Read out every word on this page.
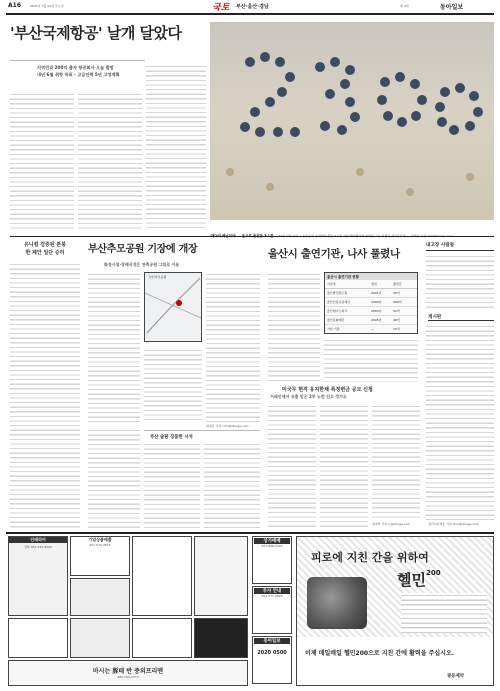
A16	2005년 7월 14일 목요일	국토 부산·울산·경남	제 2회	동아일보
'부산국제항공' 날개 달았다
지역민과 200억 출자 항공회사 오늘 출범
내년 6월 취항 목표 - 고급인력 5년 고정계획
유니컬 검증된 본봉
한 제안 일단 승리	부산추모공원 기장에 개장
화장시설·장례식장은 연축공원 그대로 이용
부산추모공원
최재호 기자 choi@donga.com
부산 술판 징품한 시석
울산시 출연기관, 나사 풀렸나
울산시 출연기관 현황
기관명	설립	출연금
울산발전연구원	2001년	30억
울산신용보증재단	1999년	200억
울산테크노파크	2003년	50억
울산문화재단	2005년	20억
기타 기관	—	10억
미국무 현직 유지한채 특정변금 공모 신청
거래인에서 유출 믿은 2부 노반 선고 정가도
정재락 기자 jr@donga.com
내고장 사람들
게시판
정리=최재호 기자 choi@donga.com
인테리어
전화 051-520-8560
기업상품매출
051-519-9875
마시는 豚태 반 중외프리맨
080-700-1770
상가매매
051-806-2002
투자 안내
054-277-8600
동아일보
2020 0500
피로에 지친 간을 위하여
헬민$^{200}$
이제 매일매일 헬민200으로 지친 간에 활력을 주십시오.
광동제약
